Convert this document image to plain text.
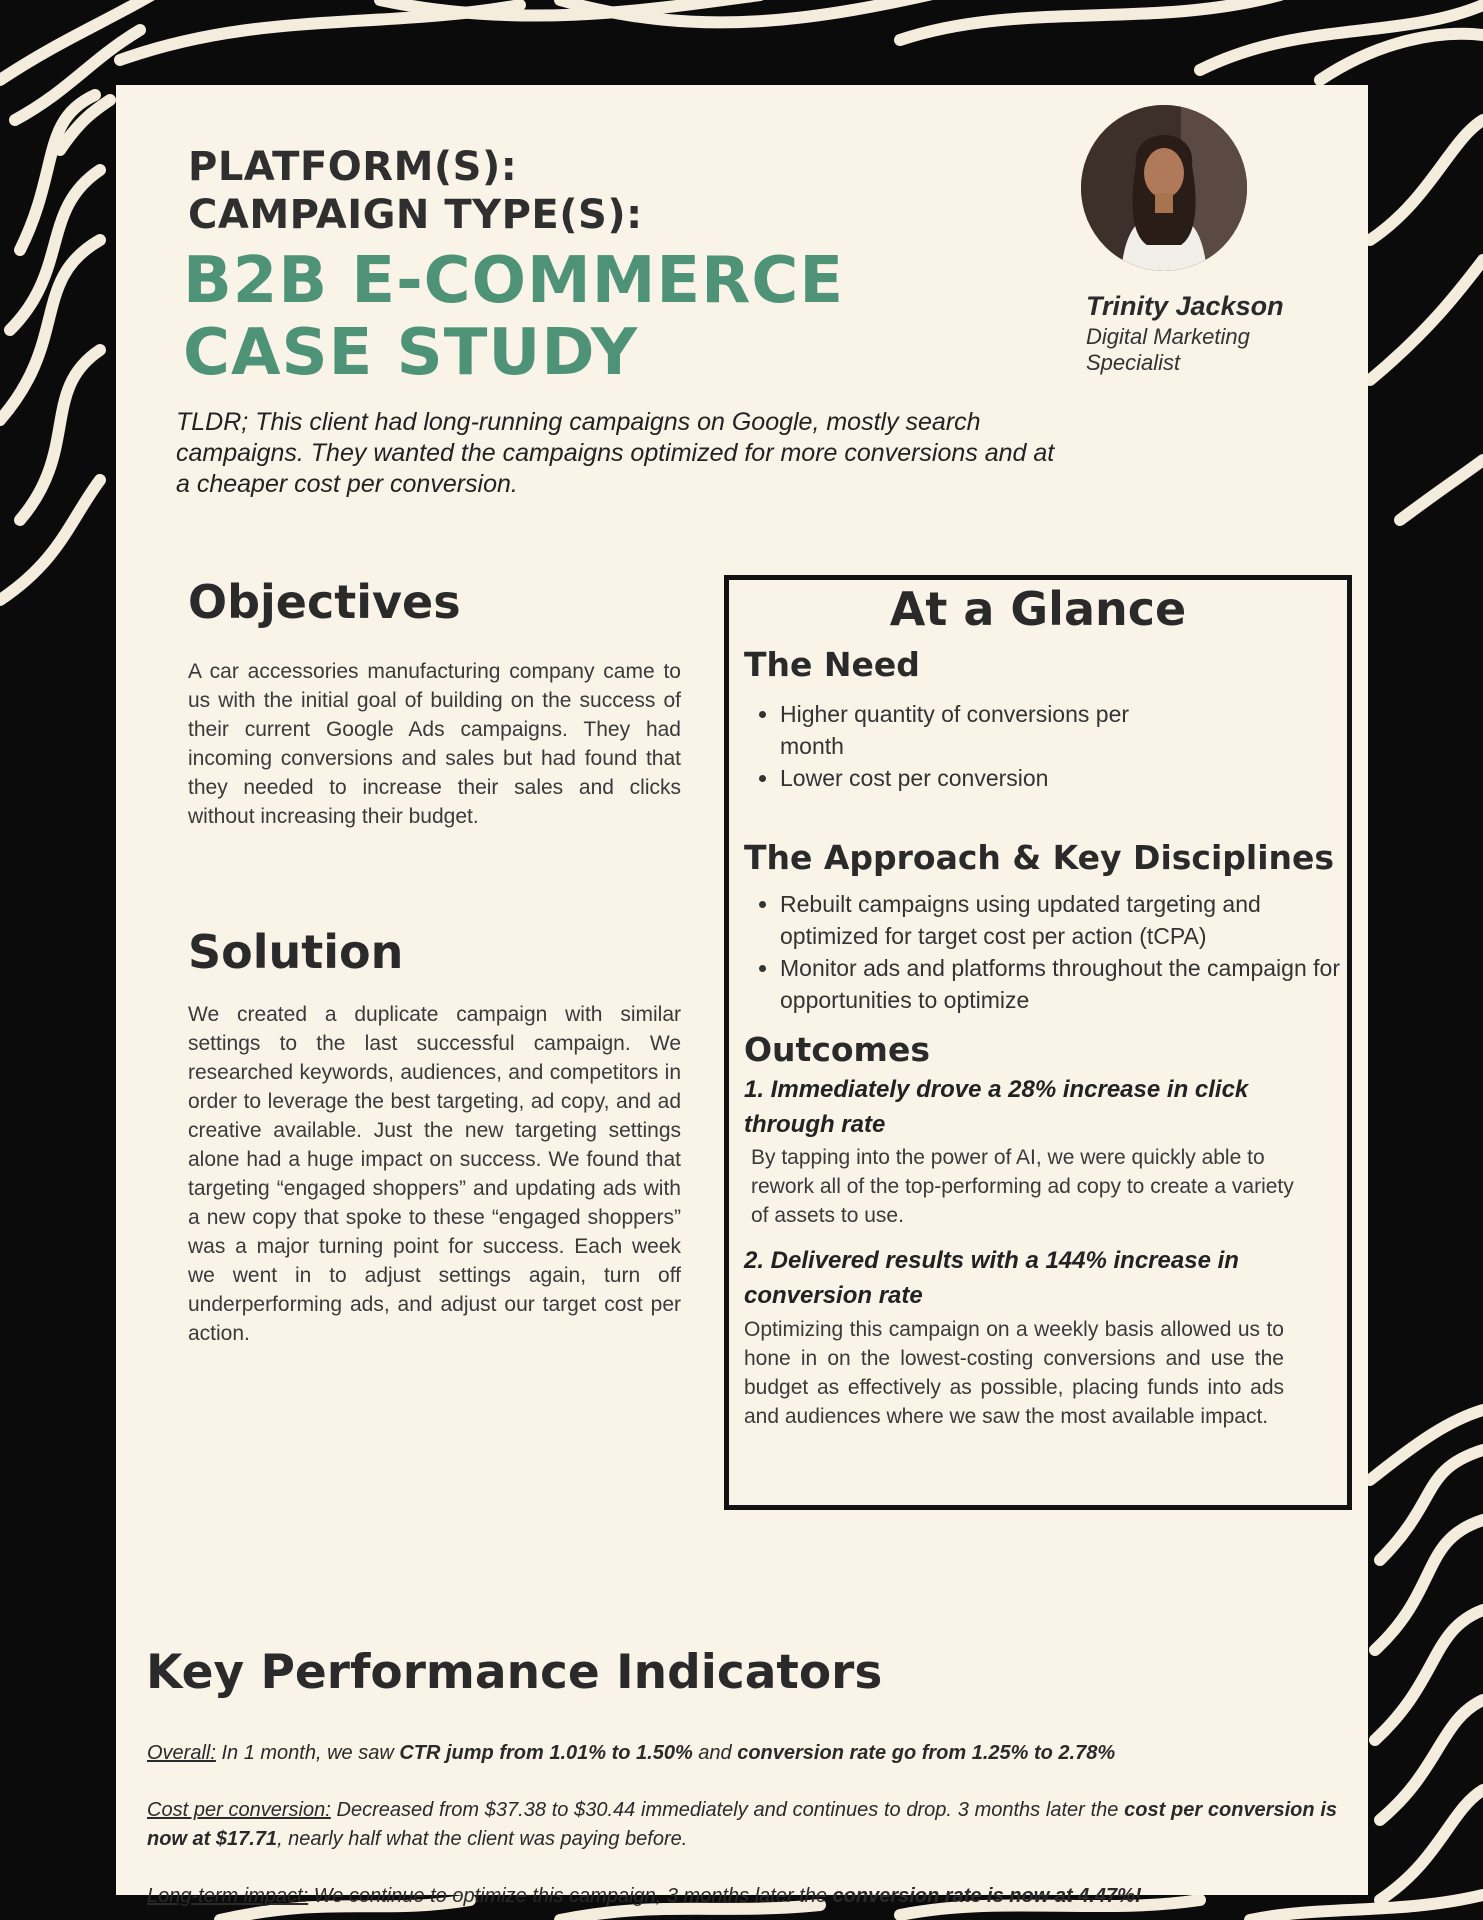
PLATFORM(S):
CAMPAIGN TYPE(S):
B2B E-COMMERCE
CASE STUDY
Trinity Jackson
Digital Marketing
Specialist
TLDR; This client had long-running campaigns on Google, mostly search
campaigns. They wanted the campaigns optimized for more conversions and at
a cheaper cost per conversion.
Objectives
A car accessories manufacturing company came to us with the initial goal of building on the success of their current Google Ads campaigns. They had incoming conversions and sales but had found that they needed to increase their sales and clicks without increasing their budget.
Solution
We created a duplicate campaign with similar settings to the last successful campaign. We researched keywords, audiences, and competitors in order to leverage the best targeting, ad copy, and ad creative available. Just the new targeting settings alone had a huge impact on success. We found that targeting “engaged shoppers” and updating ads with a new copy that spoke to these “engaged shoppers” was a major turning point for success. Each week we went in to adjust settings again, turn off underperforming ads, and adjust our target cost per action.
At a Glance
The Need
• Higher quantity of conversions per month
• Lower cost per conversion
The Approach & Key Disciplines
• Rebuilt campaigns using updated targeting and optimized for target cost per action (tCPA)
• Monitor ads and platforms throughout the campaign for opportunities to optimize
Outcomes
1. Immediately drove a 28% increase in click through rate
By tapping into the power of AI, we were quickly able to rework all of the top-performing ad copy to create a variety of assets to use.
2. Delivered results with a 144% increase in conversion rate
Optimizing this campaign on a weekly basis allowed us to hone in on the lowest-costing conversions and use the budget as effectively as possible, placing funds into ads and audiences where we saw the most available impact.
Key Performance Indicators
Overall: In 1 month, we saw CTR jump from 1.01% to 1.50% and conversion rate go from 1.25% to 2.78%
Cost per conversion: Decreased from $37.38 to $30.44 immediately and continues to drop. 3 months later the cost per conversion is now at $17.71, nearly half what the client was paying before.
Long-term impact: We continue to optimize this campaign, 3 months later the conversion rate is now at 4.47%!
